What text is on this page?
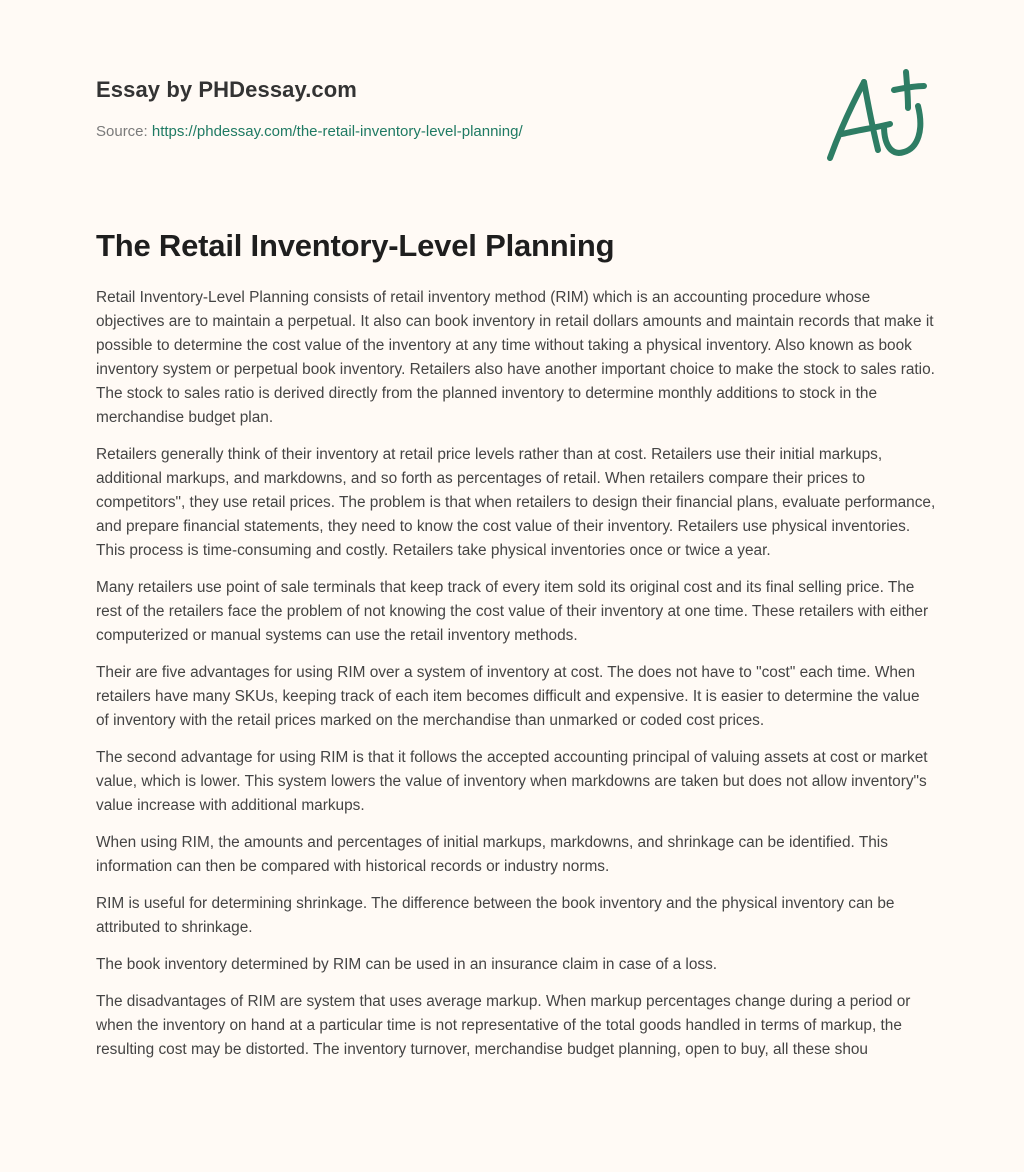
Essay by PHDessay.com
Source: https://phdessay.com/the-retail-inventory-level-planning/
The Retail Inventory-Level Planning

Retail Inventory-Level Planning consists of retail inventory method (RIM) which is an accounting procedure whose objectives are to maintain a perpetual. It also can book inventory in retail dollars amounts and maintain records that make it possible to determine the cost value of the inventory at any time without taking a physical inventory. Also known as book inventory system or perpetual book inventory. Retailers also have another important choice to make the stock to sales ratio. The stock to sales ratio is derived directly from the planned inventory to determine monthly additions to stock in the merchandise budget plan.

Retailers generally think of their inventory at retail price levels rather than at cost. Retailers use their initial markups, additional markups, and markdowns, and so forth as percentages of retail. When retailers compare their prices to competitors", they use retail prices. The problem is that when retailers to design their financial plans, evaluate performance, and prepare financial statements, they need to know the cost value of their inventory. Retailers use physical inventories. This process is time-consuming and costly. Retailers take physical inventories once or twice a year.

Many retailers use point of sale terminals that keep track of every item sold its original cost and its final selling price. The rest of the retailers face the problem of not knowing the cost value of their inventory at one time. These retailers with either computerized or manual systems can use the retail inventory methods.

Their are five advantages for using RIM over a system of inventory at cost. The does not have to "cost" each time. When retailers have many SKUs, keeping track of each item becomes difficult and expensive. It is easier to determine the value of inventory with the retail prices marked on the merchandise than unmarked or coded cost prices.

The second advantage for using RIM is that it follows the accepted accounting principal of valuing assets at cost or market value, which is lower. This system lowers the value of inventory when markdowns are taken but does not allow inventory"s value increase with additional markups.

When using RIM, the amounts and percentages of initial markups, markdowns, and shrinkage can be identified. This information can then be compared with historical records or industry norms.

RIM is useful for determining shrinkage. The difference between the book inventory and the physical inventory can be attributed to shrinkage.

The book inventory determined by RIM can be used in an insurance claim in case of a loss.

The disadvantages of RIM are system that uses average markup. When markup percentages change during a period or when the inventory on hand at a particular time is not representative of the total goods handled in terms of markup, the resulting cost may be distorted. The inventory turnover, merchandise budget planning, open to buy, all these shou
